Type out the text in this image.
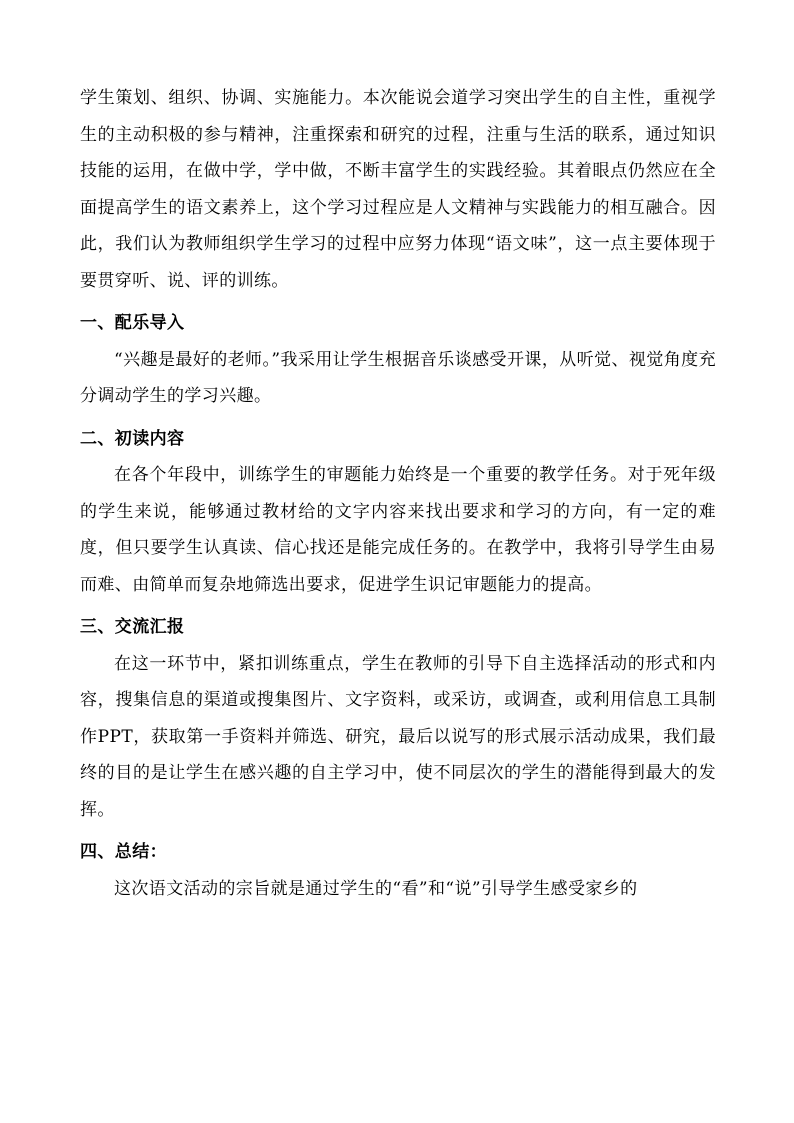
学生策划、组织、协调、实施能力。本次能说会道学习突出学生的自主性，重视学生的主动积极的参与精神，注重探索和研究的过程，注重与生活的联系，通过知识技能的运用，在做中学，学中做，不断丰富学生的实践经验。其着眼点仍然应在全面提高学生的语文素养上，这个学习过程应是人文精神与实践能力的相互融合。因此，我们认为教师组织学生学习的过程中应努力体现“语文味”，这一点主要体现于要贯穿听、说、评的训练。

一、配乐导入

“兴趣是最好的老师。”我采用让学生根据音乐谈感受开课，从听觉、视觉角度充分调动学生的学习兴趣。

二、初读内容

在各个年段中，训练学生的审题能力始终是一个重要的教学任务。对于死年级的学生来说，能够通过教材给的文字内容来找出要求和学习的方向，有一定的难度，但只要学生认真读、信心找还是能完成任务的。在教学中，我将引导学生由易而难、由简单而复杂地筛选出要求，促进学生识记审题能力的提高。

三、交流汇报

在这一环节中，紧扣训练重点，学生在教师的引导下自主选择活动的形式和内容，搜集信息的渠道或搜集图片、文字资料，或采访，或调查，或利用信息工具制作PPT，获取第一手资料并筛选、研究，最后以说写的形式展示活动成果，我们最终的目的是让学生在感兴趣的自主学习中，使不同层次的学生的潜能得到最大的发挥。

四、总结：

这次语文活动的宗旨就是通过学生的“看”和“说”引导学生感受家乡的
